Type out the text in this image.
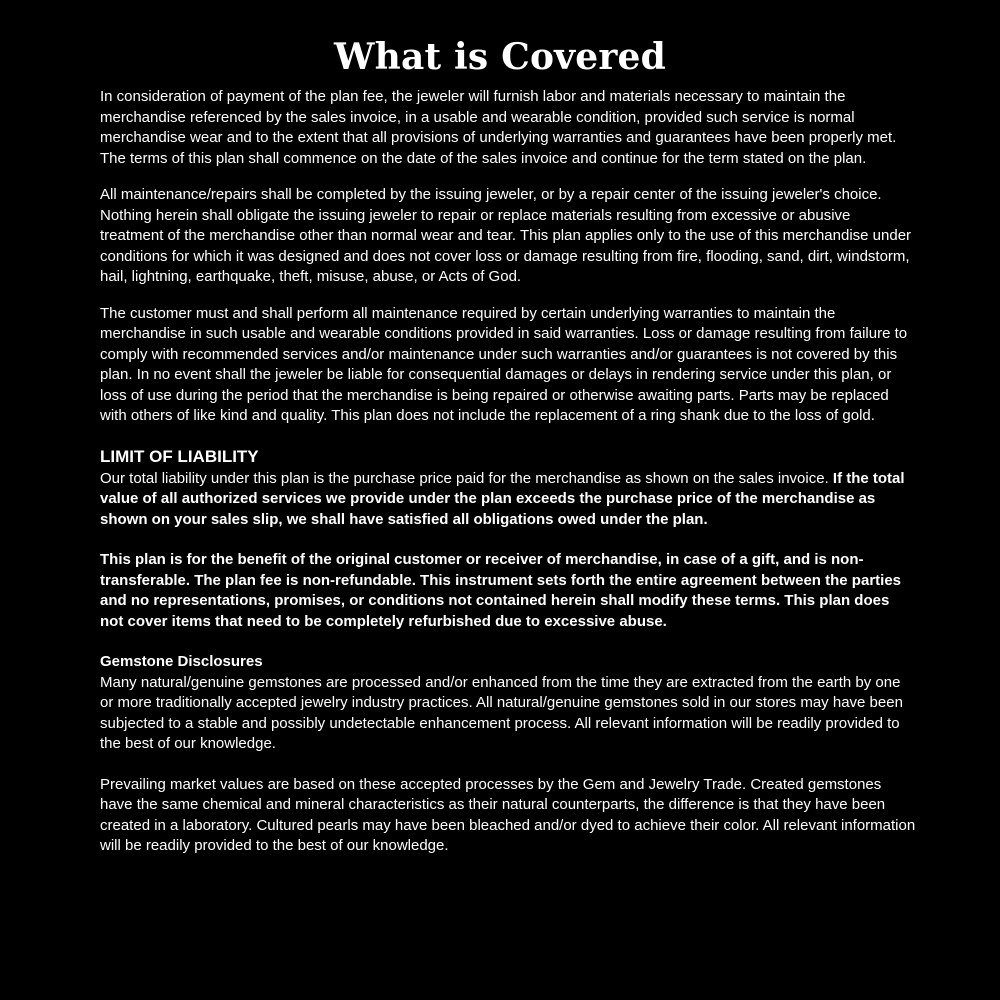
What is Covered

In consideration of payment of the plan fee, the jeweler will furnish labor and materials necessary to maintain the merchandise referenced by the sales invoice, in a usable and wearable condition, provided such service is normal merchandise wear and to the extent that all provisions of underlying warranties and guarantees have been properly met. The terms of this plan shall commence on the date of the sales invoice and continue for the term stated on the plan.

All maintenance/repairs shall be completed by the issuing jeweler, or by a repair center of the issuing jeweler's choice. Nothing herein shall obligate the issuing jeweler to repair or replace materials resulting from excessive or abusive treatment of the merchandise other than normal wear and tear. This plan applies only to the use of this merchandise under conditions for which it was designed and does not cover loss or damage resulting from fire, flooding, sand, dirt, windstorm, hail, lightning, earthquake, theft, misuse, abuse, or Acts of God.

The customer must and shall perform all maintenance required by certain underlying warranties to maintain the merchandise in such usable and wearable conditions provided in said warranties. Loss or damage resulting from failure to comply with recommended services and/or maintenance under such warranties and/or guarantees is not covered by this plan. In no event shall the jeweler be liable for consequential damages or delays in rendering service under this plan, or loss of use during the period that the merchandise is being repaired or otherwise awaiting parts. Parts may be replaced with others of like kind and quality. This plan does not include the replacement of a ring shank due to the loss of gold.

LIMIT OF LIABILITY

Our total liability under this plan is the purchase price paid for the merchandise as shown on the sales invoice. If the total value of all authorized services we provide under the plan exceeds the purchase price of the merchandise as shown on your sales slip, we shall have satisfied all obligations owed under the plan.

This plan is for the benefit of the original customer or receiver of merchandise, in case of a gift, and is non-transferable. The plan fee is non-refundable. This instrument sets forth the entire agreement between the parties and no representations, promises, or conditions not contained herein shall modify these terms. This plan does not cover items that need to be completely refurbished due to excessive abuse.

Gemstone Disclosures

Many natural/genuine gemstones are processed and/or enhanced from the time they are extracted from the earth by one or more traditionally accepted jewelry industry practices. All natural/genuine gemstones sold in our stores may have been subjected to a stable and possibly undetectable enhancement process. All relevant information will be readily provided to the best of our knowledge.

Prevailing market values are based on these accepted processes by the Gem and Jewelry Trade. Created gemstones have the same chemical and mineral characteristics as their natural counterparts, the difference is that they have been created in a laboratory. Cultured pearls may have been bleached and/or dyed to achieve their color. All relevant information will be readily provided to the best of our knowledge.
